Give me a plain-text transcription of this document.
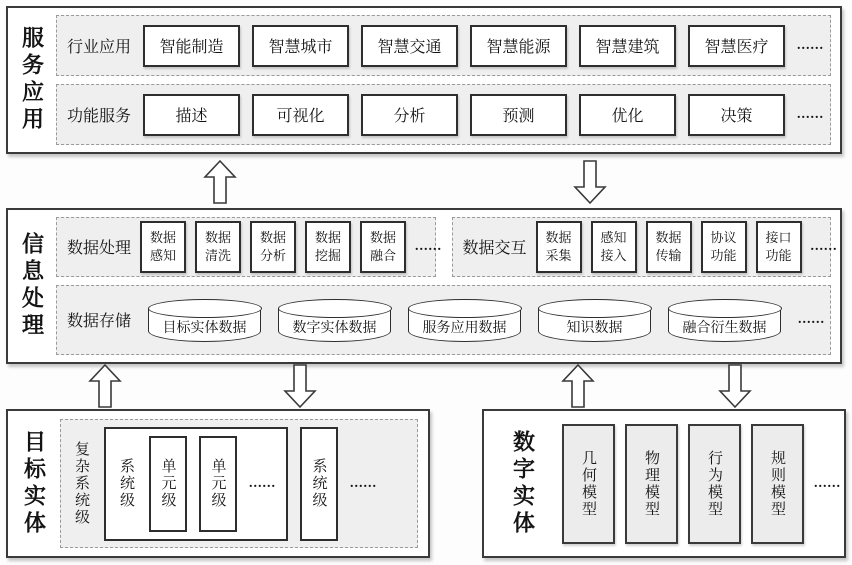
服务应用	行业应用	智能制造	智慧城市	智慧交通	智慧能源	智慧建筑	智慧医疗	......
功能服务	描述	可视化	分析	预测	优化	决策	......
信息处理	数据处理
数据感知
数据清洗
数据分析
数据挖掘
数据融合
...... 数据交互
数据采集
感知接入
数据传输
协议功能
接口功能
......
数据存储 目标实体数据	数字实体数据	服务应用数据	知识数据	融合衍生数据
......
目标实体	复杂系统级 系统级	单元级	单元级	......	系统级	......	数字实体	几何模型	物理模型	行为模型	规则模型	......
